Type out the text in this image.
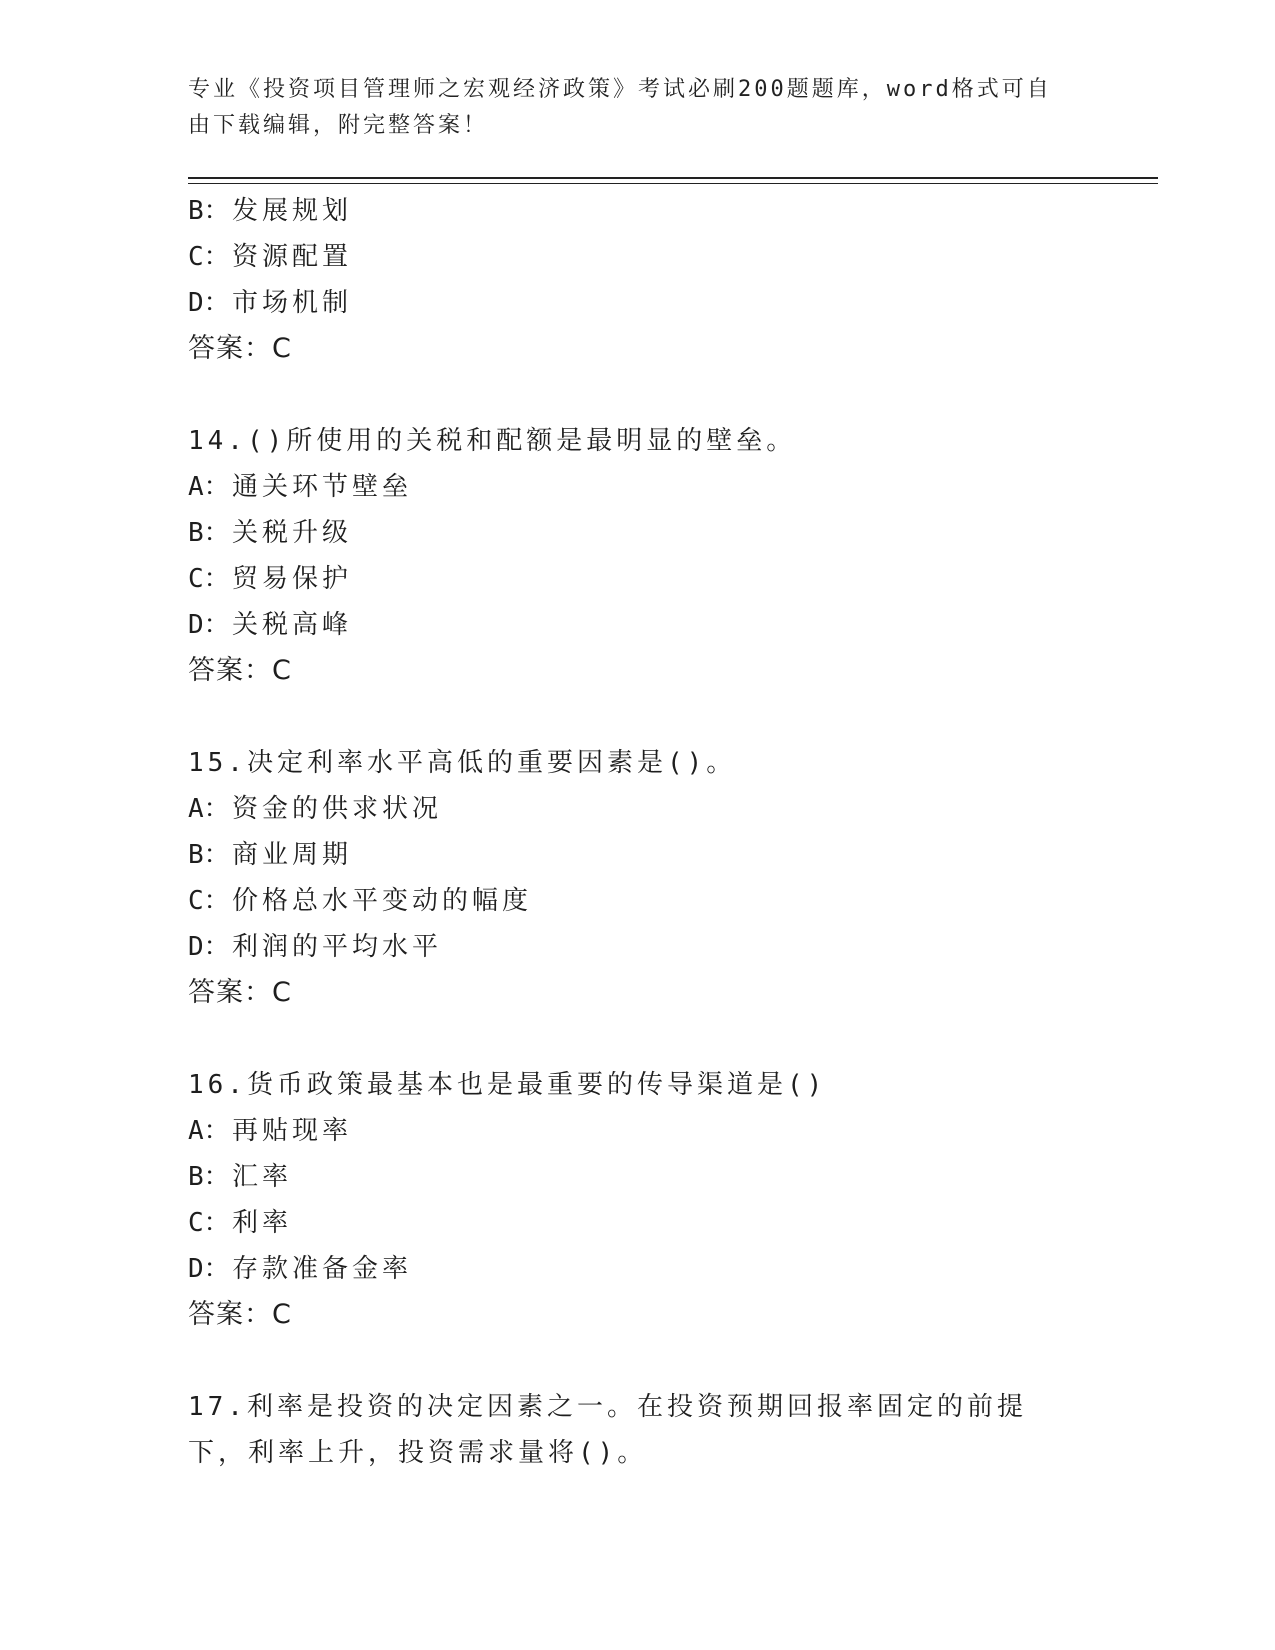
专业《投资项目管理师之宏观经济政策》考试必刷200题题库，word格式可自由下载编辑，附完整答案！
B：发展规划
C：资源配置
D：市场机制
答案：C
14.()所使用的关税和配额是最明显的壁垒。
A：通关环节壁垒
B：关税升级
C：贸易保护
D：关税高峰
答案：C
15.决定利率水平高低的重要因素是()。
A：资金的供求状况
B：商业周期
C：价格总水平变动的幅度
D：利润的平均水平
答案：C
16.货币政策最基本也是最重要的传导渠道是()
A：再贴现率
B：汇率
C：利率
D：存款准备金率
答案：C
17.利率是投资的决定因素之一。在投资预期回报率固定的前提下，利率上升，投资需求量将()。
